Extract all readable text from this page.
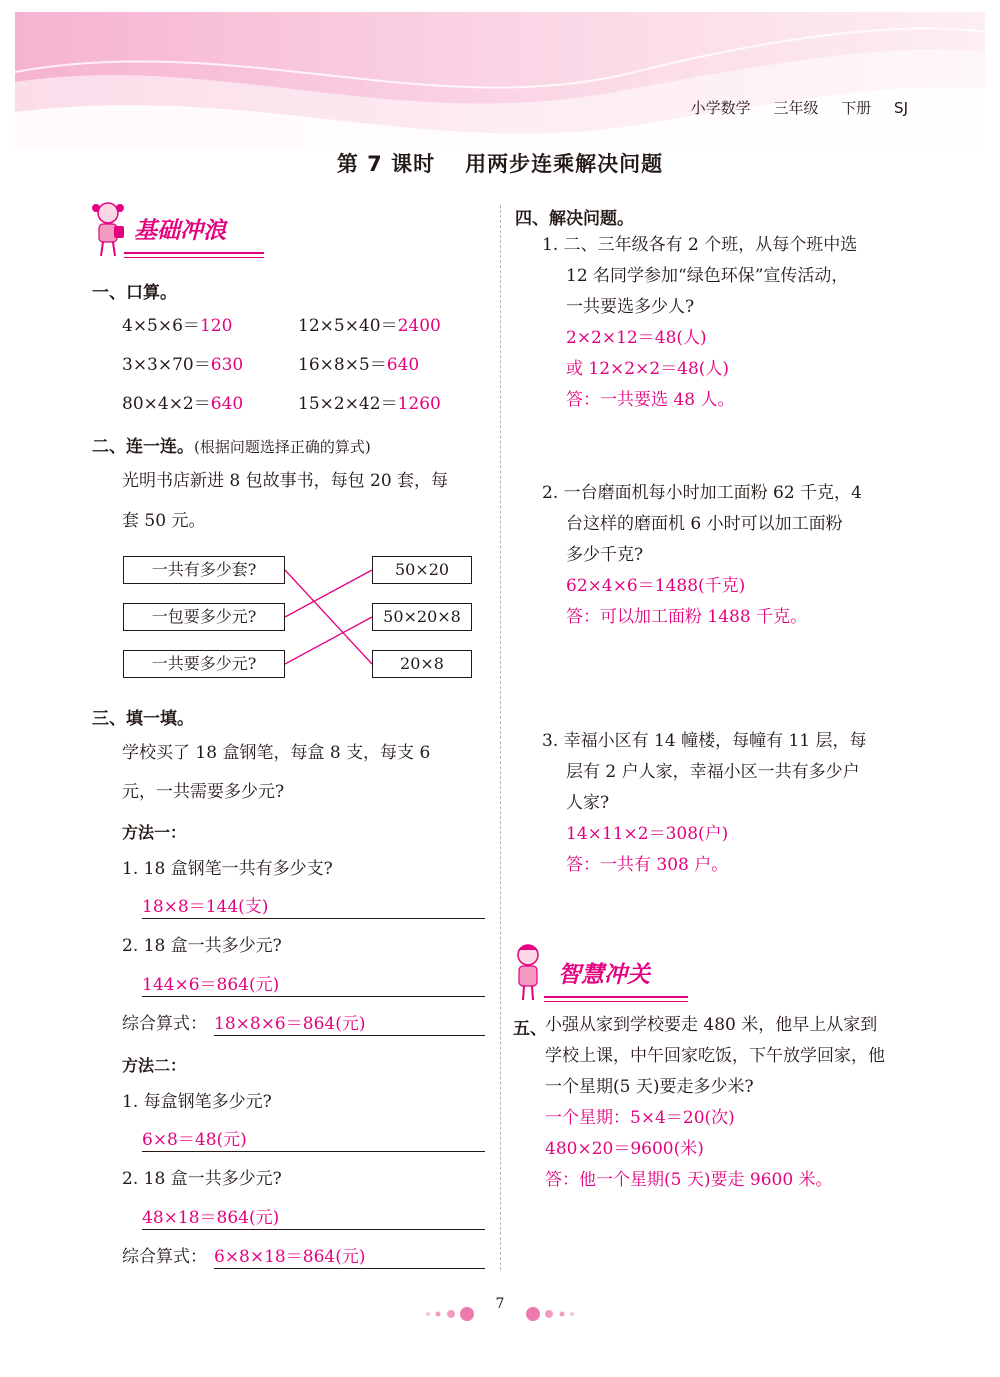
小学数学 三年级 下册 SJ
第 7 课时 用两步连乘解决问题
基础冲浪
一、口算。
4×5×6＝120	12×5×40＝2400
3×3×70＝630	16×8×5＝640
80×4×2＝640	15×2×42＝1260
二、连一连。(根据问题选择正确的算式)
光明书店新进 8 包故事书，每包 20 套，每
套 50 元。
一共有多少套?
一包要多少元?
一共要多少元?
50×20
50×20×8
20×8
三、填一填。
学校买了 18 盒钢笔，每盒 8 支，每支 6
元，一共需要多少元?
方法一：
1. 18 盒钢笔一共有多少支?
18×8＝144(支)
2. 18 盒一共多少元?
144×6＝864(元)
综合算式： 18×8×6＝864(元)
方法二：
1. 每盒钢笔多少元?
6×8＝48(元)
2. 18 盒一共多少元?
48×18＝864(元)
综合算式： 6×8×18＝864(元)
四、解决问题。
1. 二、三年级各有 2 个班，从每个班中选
12 名同学参加“绿色环保”宣传活动，
一共要选多少人?
2×2×12＝48(人)
或 12×2×2＝48(人)
答：一共要选 48 人。
2. 一台磨面机每小时加工面粉 62 千克，4
台这样的磨面机 6 小时可以加工面粉
多少千克?
62×4×6＝1488(千克)
答：可以加工面粉 1488 千克。
3. 幸福小区有 14 幢楼，每幢有 11 层，每
层有 2 户人家，幸福小区一共有多少户
人家?
14×11×2＝308(户)
答：一共有 308 户。
智慧冲关
五、
小强从家到学校要走 480 米，他早上从家到
学校上课，中午回家吃饭，下午放学回家，他
一个星期(5 天)要走多少米?
一个星期：5×4＝20(次)
480×20＝9600(米)
答：他一个星期(5 天)要走 9600 米。
7
